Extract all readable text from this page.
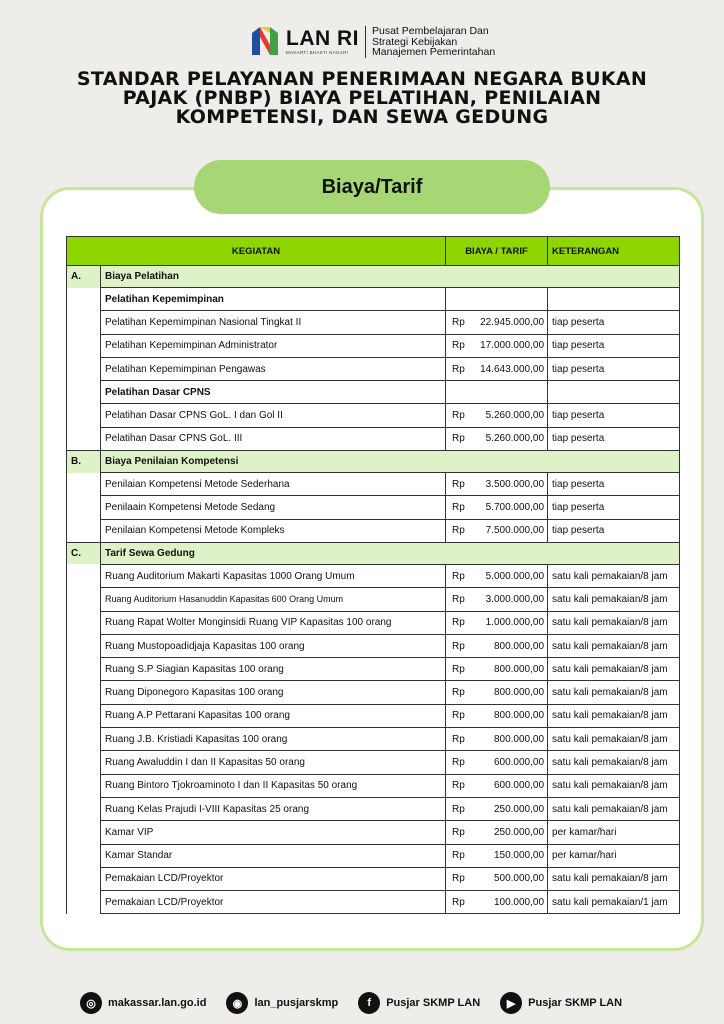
LAN RI
MAKARTI BHAKTI NAGARI
Pusat Pembelajaran Dan
Strategi Kebijakan
Manajemen Pemerintahan
STANDAR PELAYANAN PENERIMAAN NEGARA BUKAN
PAJAK (PNBP) BIAYA PELATIHAN, PENILAIAN
KOMPETENSI, DAN SEWA GEDUNG
Biaya/Tarif
KEGIATAN		BIAYA / TARIF	KETERANGAN
A.	Biaya Pelatihan		
	Pelatihan Kepemimpinan		
	Pelatihan Kepemimpinan Nasional Tingkat II	Rp 22.945.000,00	tiap peserta
	Pelatihan Kepemimpinan Administrator	Rp 17.000.000,00	tiap peserta
	Pelatihan Kepemimpinan Pengawas	Rp 14.643.000,00	tiap peserta
	Pelatihan Dasar CPNS		
	Pelatihan Dasar CPNS GoL. I dan Gol II	Rp 5.260.000,00	tiap peserta
	Pelatihan Dasar CPNS GoL. III	Rp 5.260.000,00	tiap peserta
B.	Biaya Penilaian Kompetensi		
	Penilaian Kompetensi Metode Sederhana	Rp 3.500.000,00	tiap peserta
	Penilaain Kompetensi Metode Sedang	Rp 5.700.000,00	tiap peserta
	Penilaian Kompetensi Metode Kompleks	Rp 7.500.000,00	tiap peserta
C.	Tarif Sewa Gedung		
	Ruang Auditorium Makarti Kapasitas 1000 Orang Umum	Rp 5.000.000,00	satu kali pemakaian/8 jam
	Ruang Auditorium Hasanuddin Kapasitas 600 Orang Umum	Rp 3.000.000,00	satu kali pemakaian/8 jam
	Ruang Rapat Wolter Monginsidi Ruang VIP Kapasitas 100 orang	Rp 1.000.000,00	satu kali pemakaian/8 jam
	Ruang Mustopoadidjaja Kapasitas 100 orang	Rp 800.000,00	satu kali pemakaian/8 jam
	Ruang S.P Siagian Kapasitas 100 orang	Rp 800.000,00	satu kali pemakaian/8 jam
	Ruang Diponegoro Kapasitas 100 orang	Rp 800.000,00	satu kali pemakaian/8 jam
	Ruang A.P Pettarani Kapasitas 100 orang	Rp 800.000,00	satu kali pemakaian/8 jam
	Ruang J.B. Kristiadi Kapasitas 100 orang	Rp 800.000,00	satu kali pemakaian/8 jam
	Ruang Awaluddin I dan II Kapasitas 50 orang	Rp 600.000,00	satu kali pemakaian/8 jam
	Ruang Bintoro Tjokroaminoto I dan II Kapasitas 50 orang	Rp 600.000,00	satu kali pemakaian/8 jam
	Ruang Kelas Prajudi I-VIII Kapasitas 25 orang	Rp 250.000,00	satu kali pemakaian/8 jam
	Kamar VIP	Rp 250.000,00	per kamar/hari
	Kamar Standar	Rp 150.000,00	per kamar/hari
	Pemakaian LCD/Proyektor	Rp 500.000,00	satu kali pemakaian/8 jam
	Pemakaian LCD/Proyektor	Rp 100.000,00	satu kali pemakaian/1 jam
◎	makassar.lan.go.id	◉	lan_pusjarskmp	f	Pusjar SKMP LAN	▶	Pusjar SKMP LAN
